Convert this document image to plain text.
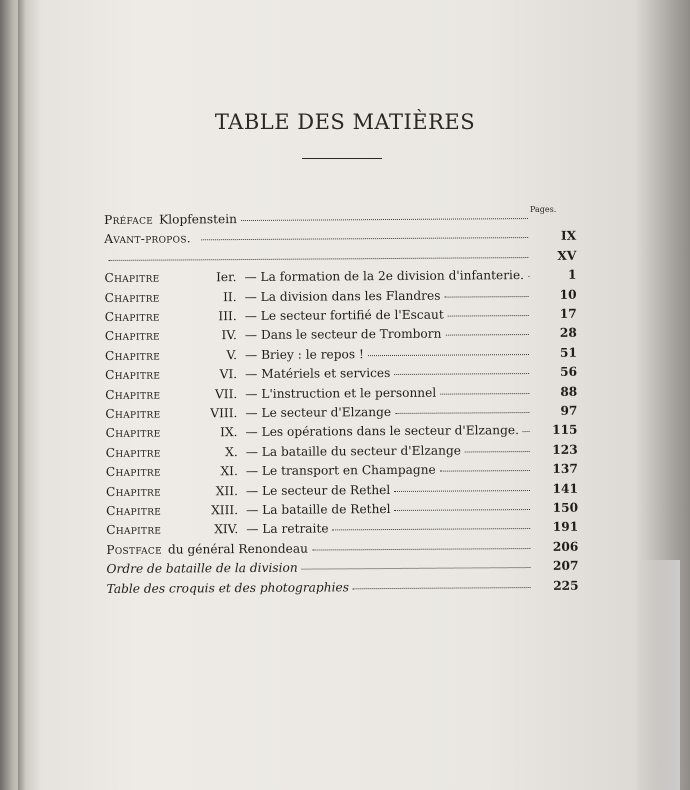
TABLE DES MATIÈRES
Pages.
Préface Klopfenstein
Avant-propos.	IX
XV
Chapitre	Ier. — La formation de la 2e division d'infanterie.	1
Chapitre	II. — La division dans les Flandres	10
Chapitre	III. — Le secteur fortifié de l'Escaut	17
Chapitre	IV. — Dans le secteur de Tromborn	28
Chapitre	V. — Briey : le repos !	51
Chapitre	VI. — Matériels et services	56
Chapitre	VII. — L'instruction et le personnel	88
Chapitre	VIII. — Le secteur d'Elzange	97
Chapitre	IX. — Les opérations dans le secteur d'Elzange.	115
Chapitre	X. — La bataille du secteur d'Elzange	123
Chapitre	XI. — Le transport en Champagne	137
Chapitre	XII. — Le secteur de Rethel	141
Chapitre	XIII. — La bataille de Rethel	150
Chapitre	XIV. — La retraite	191
Postface du général Renondeau	206
Ordre de bataille de la division	207
Table des croquis et des photographies	225
